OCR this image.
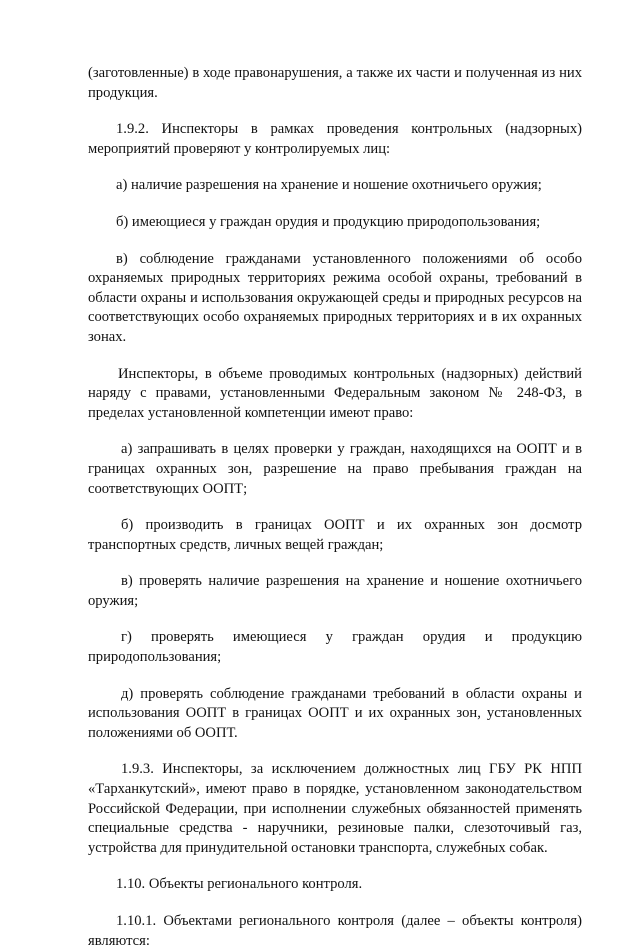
(заготовленные) в ходе правонарушения, а также их части и полученная из них продукция.

1.9.2. Инспекторы в рамках проведения контрольных (надзорных) мероприятий проверяют у контролируемых лиц:

а) наличие разрешения на хранение и ношение охотничьего оружия;

б) имеющиеся у граждан орудия и продукцию природопользования;

в) соблюдение гражданами установленного положениями об особо охраняемых природных территориях режима особой охраны, требований в области охраны и использования окружающей среды и природных ресурсов на соответствующих особо охраняемых природных территориях и в их охранных зонах.

Инспекторы, в объеме проводимых контрольных (надзорных) действий наряду с правами, установленными Федеральным законом № 248-ФЗ, в пределах установленной компетенции имеют право:

а) запрашивать в целях проверки у граждан, находящихся на ООПТ и в границах охранных зон, разрешение на право пребывания граждан на соответствующих ООПТ;

б) производить в границах ООПТ и их охранных зон досмотр транспортных средств, личных вещей граждан;

в) проверять наличие разрешения на хранение и ношение охотничьего оружия;

г) проверять имеющиеся у граждан орудия и продукцию природопользования;

д) проверять соблюдение гражданами требований в области охраны и использования ООПТ в границах ООПТ и их охранных зон, установленных положениями об ООПТ.

1.9.3. Инспекторы, за исключением должностных лиц ГБУ РК НПП «Тарханкутский», имеют право в порядке, установленном законодательством Российской Федерации, при исполнении служебных обязанностей применять специальные средства - наручники, резиновые палки, слезоточивый газ, устройства для принудительной остановки транспорта, служебных собак.

1.10. Объекты регионального контроля.

1.10.1. Объектами регионального контроля (далее – объекты контроля) являются:
